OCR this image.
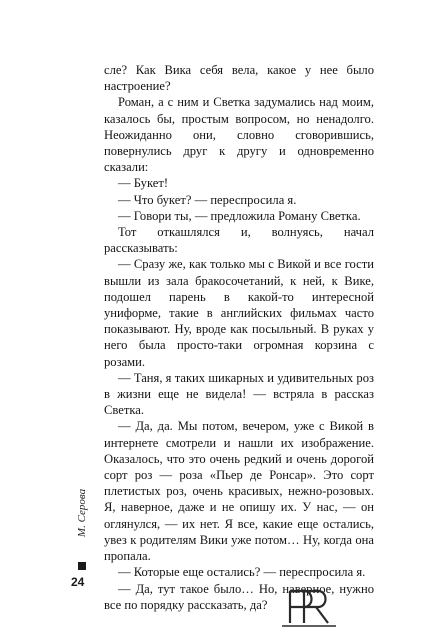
сле? Как Вика себя вела, какое у нее было настроение?

Роман, а с ним и Светка задумались над моим, казалось бы, простым вопросом, но ненадолго. Неожиданно они, словно сговорившись, повернулись друг к другу и одновременно сказали:

— Букет!

— Что букет? — переспросила я.

— Говори ты, — предложила Роману Светка.

Тот откашлялся и, волнуясь, начал рассказывать:

— Сразу же, как только мы с Викой и все гости вышли из зала бракосочетаний, к ней, к Вике, подошел парень в какой-то интересной униформе, такие в английских фильмах часто показывают. Ну, вроде как посыльный. В руках у него была просто-таки огромная корзина с розами.

— Таня, я таких шикарных и удивительных роз в жизни еще не видела! — встряла в рассказ Светка.

— Да, да. Мы потом, вечером, уже с Викой в интернете смотрели и нашли их изображение. Оказалось, что это очень редкий и очень дорогой сорт роз — роза «Пьер де Ронсар». Это сорт плетистых роз, очень красивых, нежно-розовых. Я, наверное, даже и не опишу их. У нас, — он оглянулся, — их нет. Я все, какие еще остались, увез к родителям Вики уже потом… Ну, когда она пропала.

— Которые еще остались? — переспросила я.

— Да, тут такое было… Но, наверное, нужно все по порядку рассказать, да?

М. Серова
24
